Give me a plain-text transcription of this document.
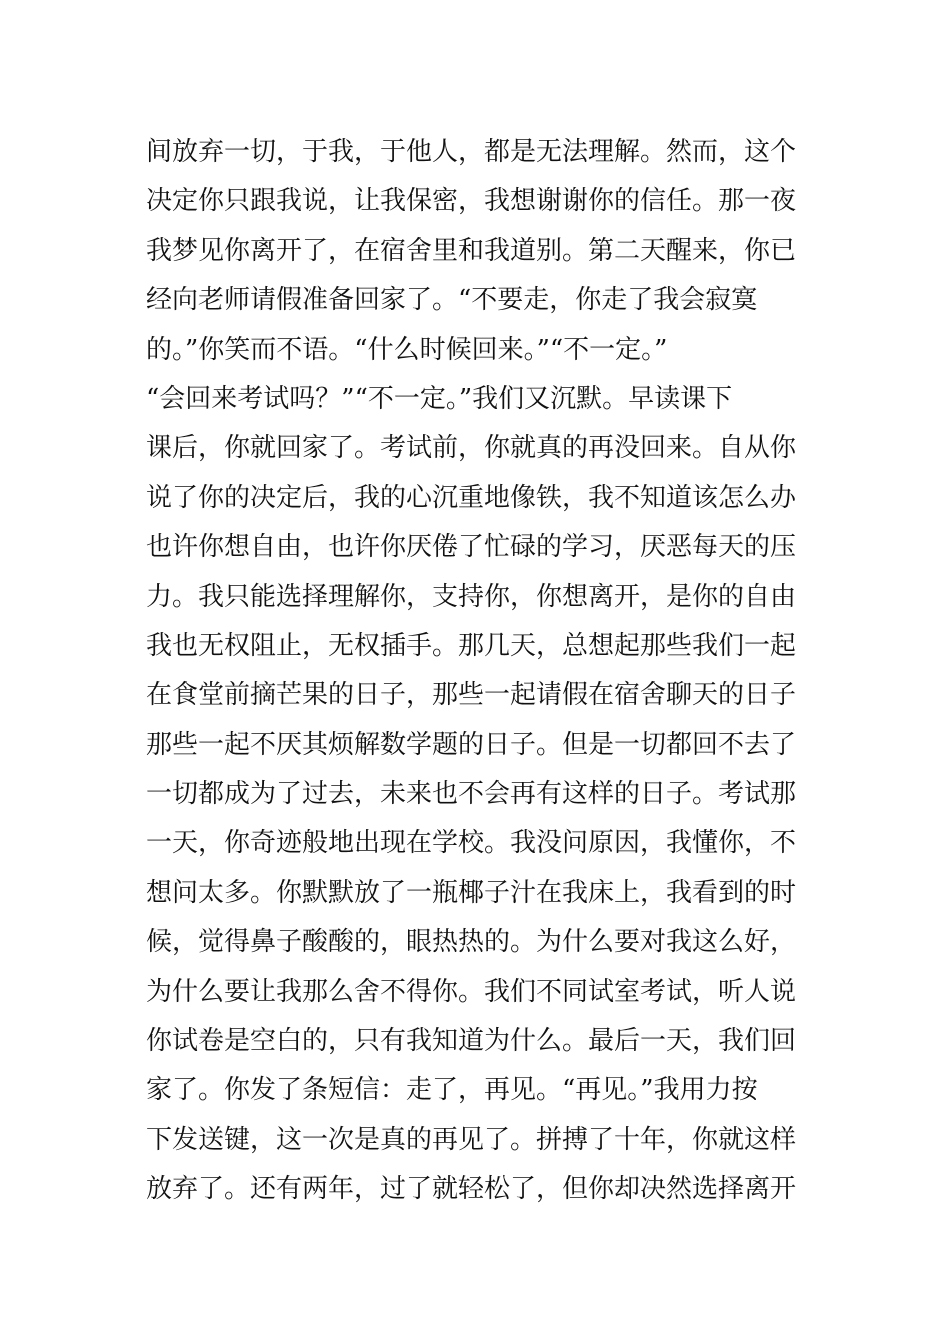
间放弃一切，于我，于他人，都是无法理解。然而，这个
决定你只跟我说，让我保密，我想谢谢你的信任。那一夜
我梦见你离开了，在宿舍里和我道别。第二天醒来，你已
经向老师请假准备回家了。“不要走，你走了我会寂寞
的。”你笑而不语。“什么时候回来。”“不一定。”
“会回来考试吗？”“不一定。”我们又沉默。早读课下
课后，你就回家了。考试前，你就真的再没回来。自从你
说了你的决定后，我的心沉重地像铁，我不知道该怎么办
也许你想自由，也许你厌倦了忙碌的学习，厌恶每天的压
力。我只能选择理解你，支持你，你想离开，是你的自由
我也无权阻止，无权插手。那几天，总想起那些我们一起
在食堂前摘芒果的日子，那些一起请假在宿舍聊天的日子
那些一起不厌其烦解数学题的日子。但是一切都回不去了
一切都成为了过去，未来也不会再有这样的日子。考试那
一天，你奇迹般地出现在学校。我没问原因，我懂你，不
想问太多。你默默放了一瓶椰子汁在我床上，我看到的时
候，觉得鼻子酸酸的，眼热热的。为什么要对我这么好，
为什么要让我那么舍不得你。我们不同试室考试，听人说
你试卷是空白的，只有我知道为什么。最后一天，我们回
家了。你发了条短信：走了，再见。“再见。”我用力按
下发送键，这一次是真的再见了。拼搏了十年，你就这样
放弃了。还有两年，过了就轻松了，但你却决然选择离开
